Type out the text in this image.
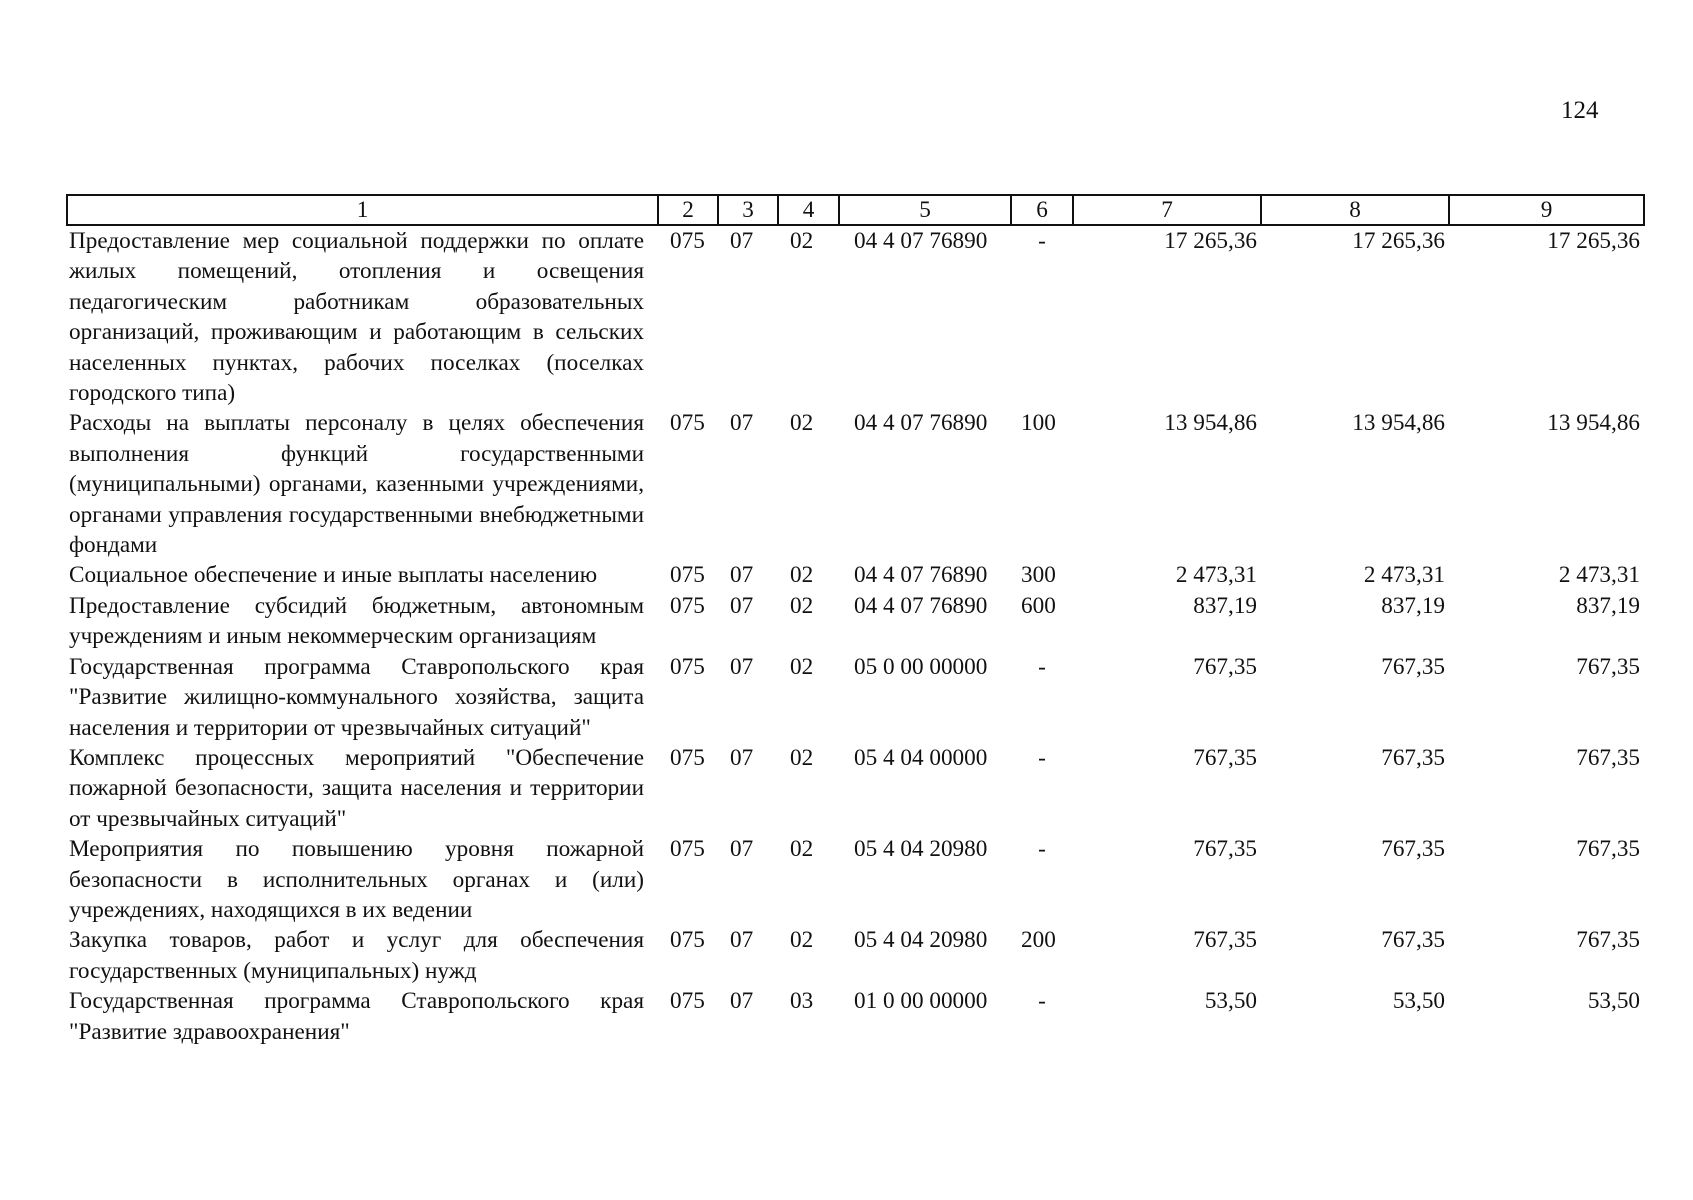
124
1	2	3	4	5	6	7	8	9
Предоставление мер социальной поддержки по оплате жилых помещений, отопления и освещения педагогическим работникам образовательных организаций, проживающим и работающим в сельских населенных пунктах, рабочих поселках (поселках городского типа)	075	07	02	04 4 07 76890	-	17 265,36	17 265,36	17 265,36
Расходы на выплаты персоналу в целях обеспечения выполнения функций государственными (муниципальными) органами, казенными учреждениями, органами управления государственными внебюджетными фондами	075	07	02	04 4 07 76890	100	13 954,86	13 954,86	13 954,86
Социальное обеспечение и иные выплаты населению	075	07	02	04 4 07 76890	300	2 473,31	2 473,31	2 473,31
Предоставление субсидий бюджетным, автономным учреждениям и иным некоммерческим организациям	075	07	02	04 4 07 76890	600	837,19	837,19	837,19
Государственная программа Ставропольского края "Развитие жилищно-коммунального хозяйства, защита населения и территории от чрезвычайных ситуаций"	075	07	02	05 0 00 00000	-	767,35	767,35	767,35
Комплекс процессных мероприятий "Обеспечение пожарной безопасности, защита населения и территории от чрезвычайных ситуаций"	075	07	02	05 4 04 00000	-	767,35	767,35	767,35
Мероприятия по повышению уровня пожарной безопасности в исполнительных органах и (или) учреждениях, находящихся в их ведении	075	07	02	05 4 04 20980	-	767,35	767,35	767,35
Закупка товаров, работ и услуг для обеспечения государственных (муниципальных) нужд	075	07	02	05 4 04 20980	200	767,35	767,35	767,35
Государственная программа Ставропольского края "Развитие здравоохранения"	075	07	03	01 0 00 00000	-	53,50	53,50	53,50
